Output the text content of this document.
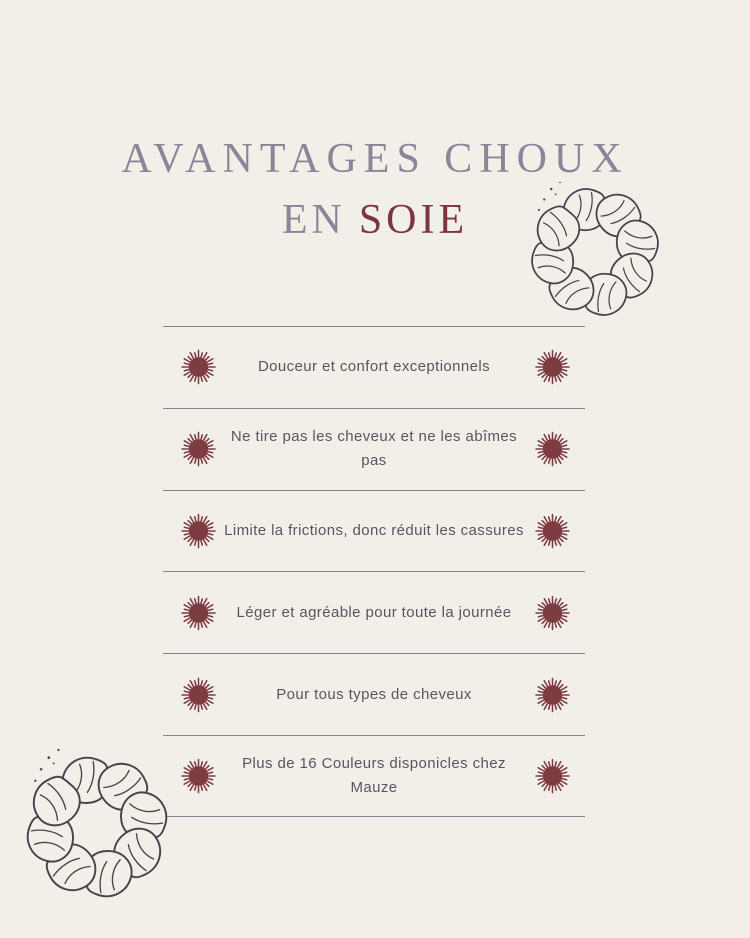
AVANTAGES CHOUX
EN SOIE

Douceur et confort exceptionnels

Ne tire pas les cheveux et ne les abîmes pas

Limite la frictions, donc réduit les cassures

Léger et agréable pour toute la journée

Pour tous types de cheveux

Plus de 16 Couleurs disponicles chez Mauze
